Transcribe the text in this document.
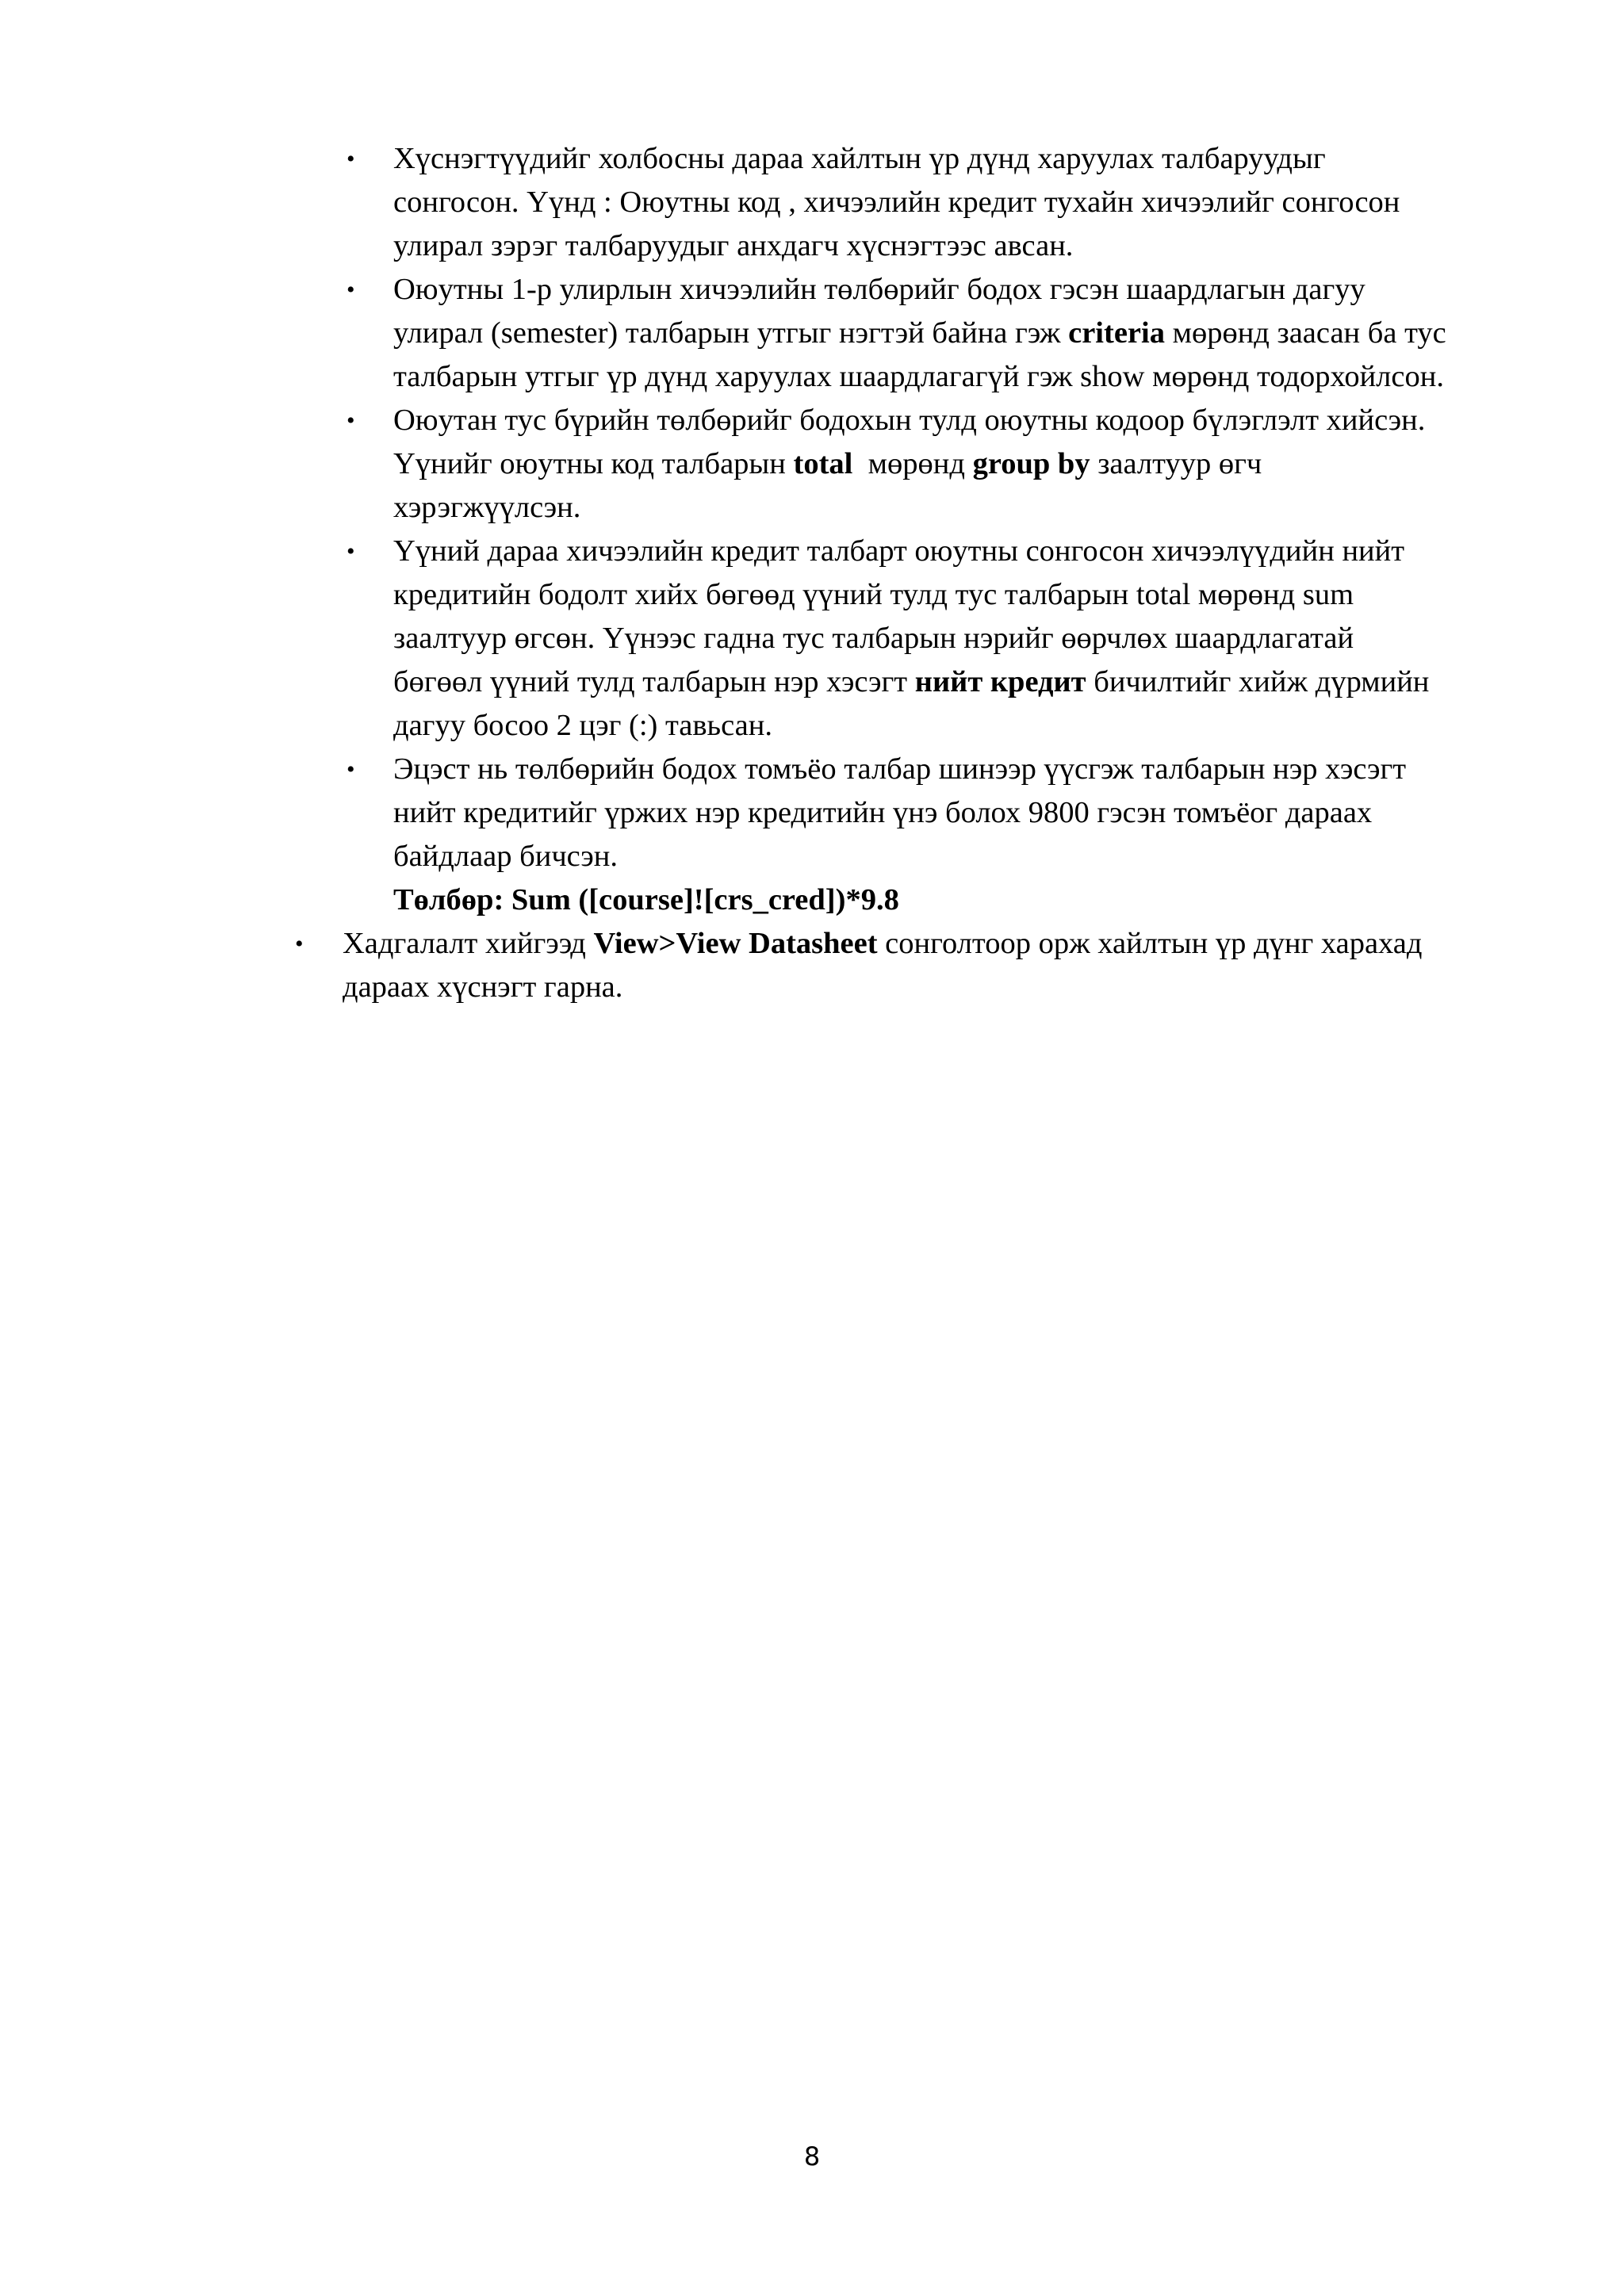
• Хүснэгтүүдийг холбосны дараа хайлтын үр дүнд харуулах талбаруудыг
сонгосон. Үүнд : Оюутны код , хичээлийн кредит тухайн хичээлийг сонгосон
улирал зэрэг талбаруудыг анхдагч хүснэгтээс авсан.
• Оюутны 1-р улирлын хичээлийн төлбөрийг бодох гэсэн шаардлагын дагуу
улирал (semester) талбарын утгыг нэгтэй байна гэж criteria мөрөнд заасан ба тус
талбарын утгыг үр дүнд харуулах шаардлагагүй гэж show мөрөнд тодорхойлсон.
• Оюутан тус бүрийн төлбөрийг бодохын тулд оюутны кодоор бүлэглэлт хийсэн.
Үүнийг оюутны код талбарын total  мөрөнд group by заалтуур өгч
хэрэгжүүлсэн.
• Үүний дараа хичээлийн кредит талбарт оюутны сонгосон хичээлүүдийн нийт
кредитийн бодолт хийх бөгөөд үүний тулд тус талбарын total мөрөнд sum
заалтуур өгсөн. Үүнээс гадна тус талбарын нэрийг өөрчлөх шаардлагатай
бөгөөл үүний тулд талбарын нэр хэсэгт нийт кредит бичилтийг хийж дүрмийн
дагуу босоо 2 цэг (:) тавьсан.
• Эцэст нь төлбөрийн бодох томъёо талбар шинээр үүсгэж талбарын нэр хэсэгт
нийт кредитийг үржих нэр кредитийн үнэ болох 9800 гэсэн томъёог дараах
байдлаар бичсэн.
Төлбөр: Sum ([course]![crs_cred])*9.8
• Хадгалалт хийгээд View>View Datasheet сонголтоор орж хайлтын үр дүнг харахад
дараах хүснэгт гарна.
8
